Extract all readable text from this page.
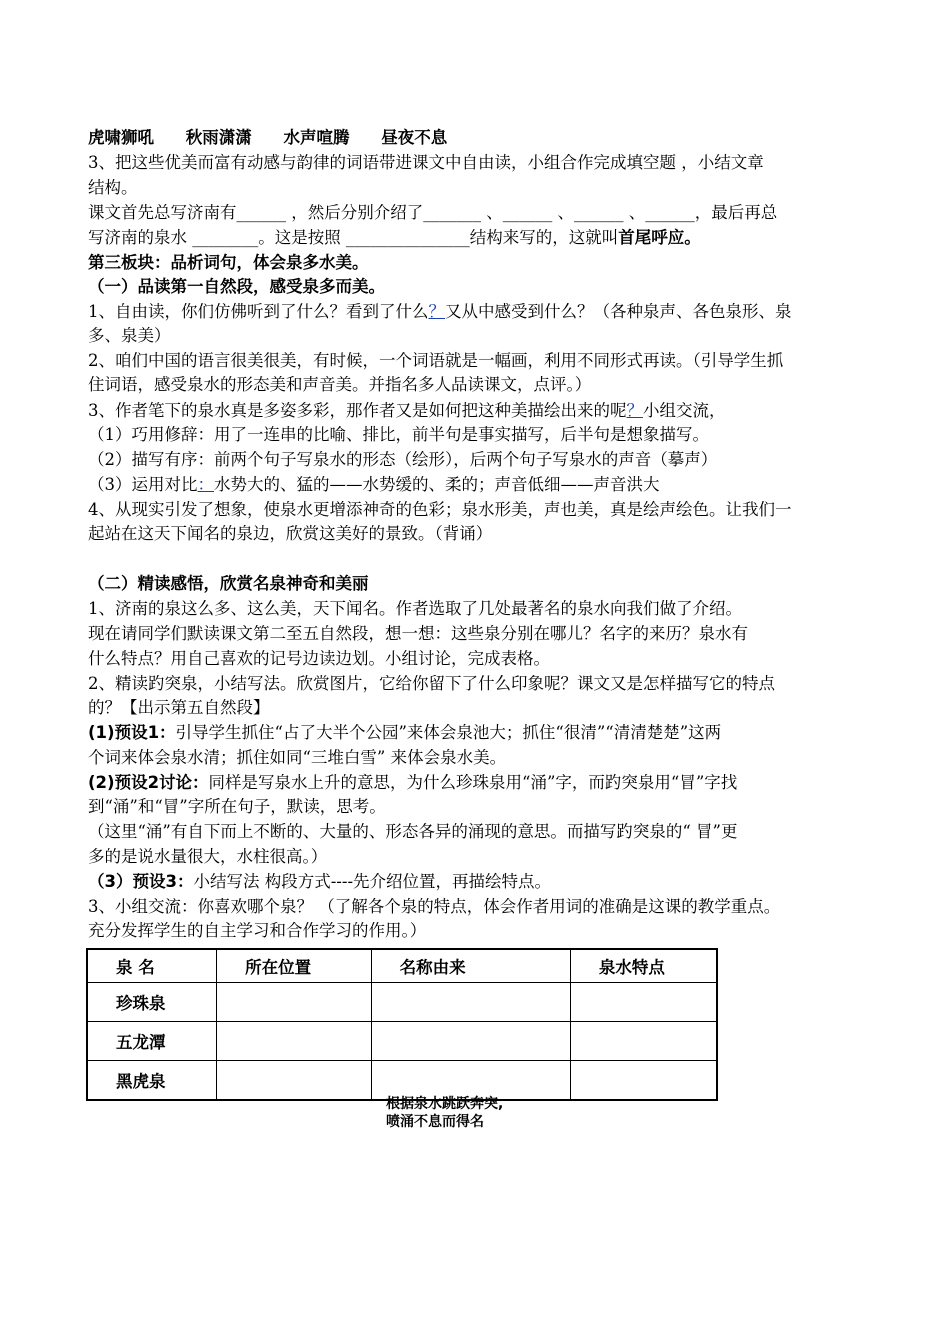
虎啸狮吼 秋雨潇潇 水声喧腾 昼夜不息
3、把这些优美而富有动感与韵律的词语带进课文中自由读，小组合作完成填空题 ，小结文章
结构。
课文首先总写济南有______ ，然后分别介绍了_______ 、______ 、______ 、______，最后再总
写济南的泉水 ________。这是按照 _______________结构来写的，这就叫首尾呼应。
第三板块：品析词句，体会泉多水美。
（一）品读第一自然段，感受泉多而美。
1、自由读，你们仿佛听到了什么？看到了什么？又从中感受到什么？（各种泉声、各色泉形、泉
多、泉美）
2、咱们中国的语言很美很美，有时候，一个词语就是一幅画，利用不同形式再读。（引导学生抓
住词语，感受泉水的形态美和声音美。并指名多人品读课文，点评。）
3、作者笔下的泉水真是多姿多彩，那作者又是如何把这种美描绘出来的呢？小组交流，
（1）巧用修辞：用了一连串的比喻、排比，前半句是事实描写，后半句是想象描写。
（2）描写有序：前两个句子写泉水的形态（绘形），后两个句子写泉水的声音（摹声）
（3）运用对比：水势大的、猛的——水势缓的、柔的；声音低细——声音洪大
4、从现实引发了想象，使泉水更增添神奇的色彩；泉水形美，声也美，真是绘声绘色。让我们一
起站在这天下闻名的泉边，欣赏这美好的景致。（背诵）
（二）精读感悟，欣赏名泉神奇和美丽
1、济南的泉这么多、这么美，天下闻名。作者选取了几处最著名的泉水向我们做了介绍。
现在请同学们默读课文第二至五自然段，想一想：这些泉分别在哪儿？名字的来历？泉水有
什么特点？用自己喜欢的记号边读边划。小组讨论，完成表格。
2、精读趵突泉，小结写法。欣赏图片，它给你留下了什么印象呢？课文又是怎样描写它的特点
的？【出示第五自然段】
(1)预设1：引导学生抓住“占了大半个公园”来体会泉池大；抓住“很清”“清清楚楚”这两
个词来体会泉水清；抓住如同“三堆白雪” 来体会泉水美。
(2)预设2讨论：同样是写泉水上升的意思，为什么珍珠泉用“涌”字，而趵突泉用“冒”字找
到“涌”和“冒”字所在句子，默读，思考。
（这里“涌”有自下而上不断的、大量的、形态各异的涌现的意思。而描写趵突泉的“ 冒”更
多的是说水量很大，水柱很高。）
（3）预设3：小结写法 构段方式----先介绍位置，再描绘特点。
3、小组交流：你喜欢哪个泉？ （了解各个泉的特点，体会作者用词的准确是这课的教学重点。
充分发挥学生的自主学习和合作学习的作用。）
泉 名	所在位置	名称由来	泉水特点
珍珠泉			
五龙潭			
黑虎泉			
根据泉水跳跃奔突,
喷涌不息而得名
